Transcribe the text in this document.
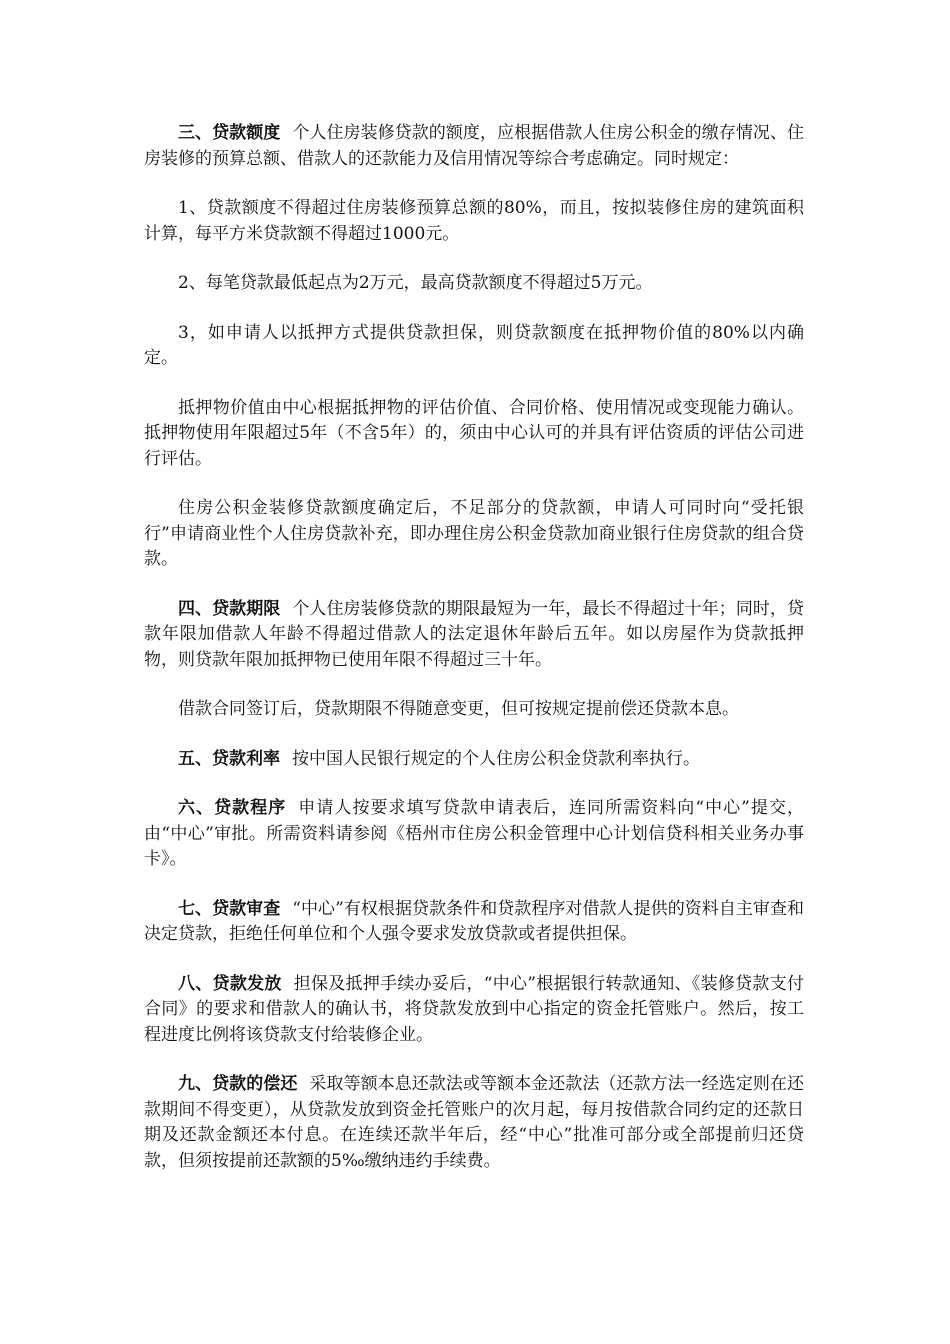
三、贷款额度 个人住房装修贷款的额度，应根据借款人住房公积金的缴存情况、住房装修的预算总额、借款人的还款能力及信用情况等综合考虑确定。同时规定：

1、贷款额度不得超过住房装修预算总额的80%，而且，按拟装修住房的建筑面积计算，每平方米贷款额不得超过1000元。

2、每笔贷款最低起点为2万元，最高贷款额度不得超过5万元。

3，如申请人以抵押方式提供贷款担保，则贷款额度在抵押物价值的80%以内确定。

抵押物价值由中心根据抵押物的评估价值、合同价格、使用情况或变现能力确认。抵押物使用年限超过5年（不含5年）的，须由中心认可的并具有评估资质的评估公司进行评估。

住房公积金装修贷款额度确定后，不足部分的贷款额，申请人可同时向“受托银行”申请商业性个人住房贷款补充，即办理住房公积金贷款加商业银行住房贷款的组合贷款。

四、贷款期限 个人住房装修贷款的期限最短为一年，最长不得超过十年；同时，贷款年限加借款人年龄不得超过借款人的法定退休年龄后五年。如以房屋作为贷款抵押物，则贷款年限加抵押物已使用年限不得超过三十年。

借款合同签订后，贷款期限不得随意变更，但可按规定提前偿还贷款本息。

五、贷款利率 按中国人民银行规定的个人住房公积金贷款利率执行。

六、贷款程序 申请人按要求填写贷款申请表后，连同所需资料向“中心”提交，由“中心”审批。所需资料请参阅《梧州市住房公积金管理中心计划信贷科相关业务办事卡》。

七、贷款审查 “中心”有权根据贷款条件和贷款程序对借款人提供的资料自主审查和决定贷款，拒绝任何单位和个人强令要求发放贷款或者提供担保。

八、贷款发放 担保及抵押手续办妥后，“中心”根据银行转款通知、《装修贷款支付合同》的要求和借款人的确认书，将贷款发放到中心指定的资金托管账户。然后，按工程进度比例将该贷款支付给装修企业。

九、贷款的偿还 采取等额本息还款法或等额本金还款法（还款方法一经选定则在还款期间不得变更），从贷款发放到资金托管账户的次月起，每月按借款合同约定的还款日期及还款金额还本付息。在连续还款半年后，经“中心”批准可部分或全部提前归还贷款，但须按提前还款额的5‰缴纳违约手续费。
